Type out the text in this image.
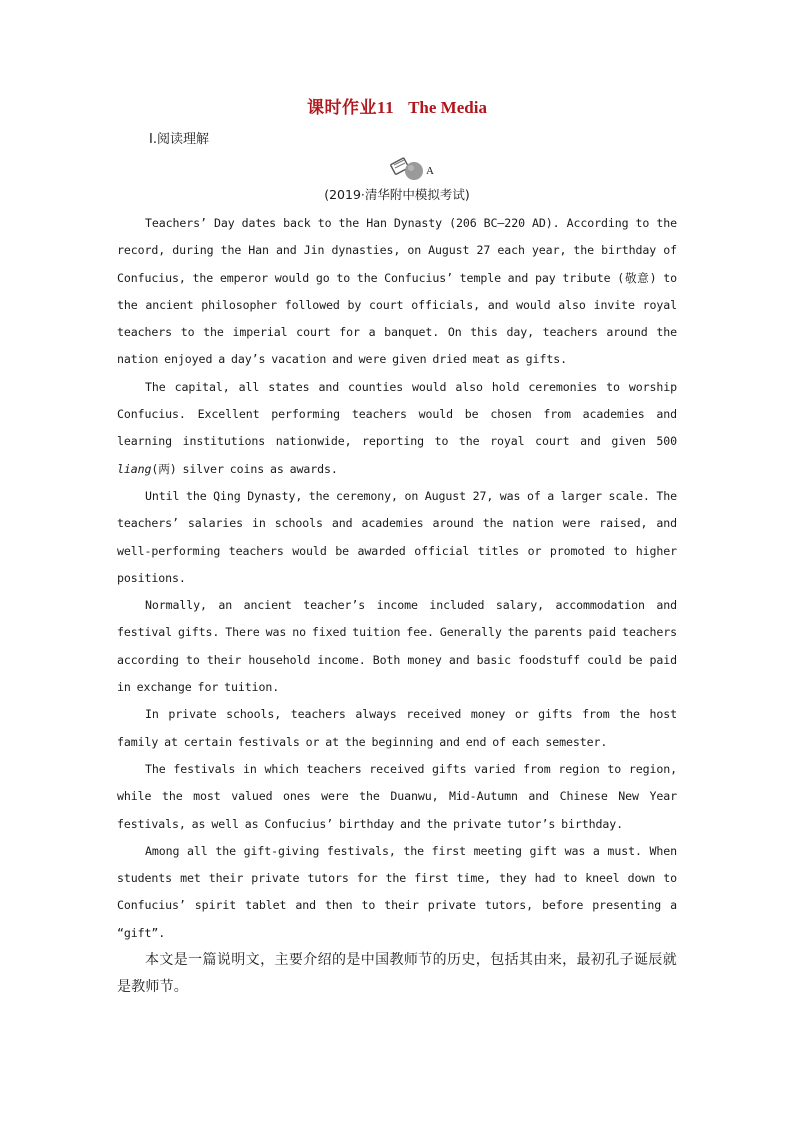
课时作业11 The Media
Ⅰ.阅读理解
A
(2019·清华附中模拟考试)

Teachers’ Day dates back to the Han Dynasty (206 BC—220 AD). According to the record, during the Han and Jin dynasties, on August 27 each year, the birthday of Confucius, the emperor would go to the Confucius’ temple and pay tribute (敬意) to the ancient philosopher followed by court officials, and would also invite royal teachers to the imperial court for a banquet. On this day, teachers around the nation enjoyed a day’s vacation and were given dried meat as gifts.

The capital, all states and counties would also hold ceremonies to worship Confucius. Excellent performing teachers would be chosen from academies and learning institutions nationwide, reporting to the royal court and given 500 liang(两) silver coins as awards.

Until the Qing Dynasty, the ceremony, on August 27, was of a larger scale. The teachers’ salaries in schools and academies around the nation were raised, and well-performing teachers would be awarded official titles or promoted to higher positions.

Normally, an ancient teacher’s income included salary, accommodation and festival gifts. There was no fixed tuition fee. Generally the parents paid teachers according to their household income. Both money and basic foodstuff could be paid in exchange for tuition.

In private schools, teachers always received money or gifts from the host family at certain festivals or at the beginning and end of each semester.

The festivals in which teachers received gifts varied from region to region, while the most valued ones were the Duanwu, Mid-Autumn and Chinese New Year festivals, as well as Confucius’ birthday and the private tutor’s birthday.

Among all the gift-giving festivals, the first meeting gift was a must. When students met their private tutors for the first time, they had to kneel down to Confucius’ spirit tablet and then to their private tutors, before presenting a “gift”.

本文是一篇说明文，主要介绍的是中国教师节的历史，包括其由来，最初孔子诞辰就是教师节。
